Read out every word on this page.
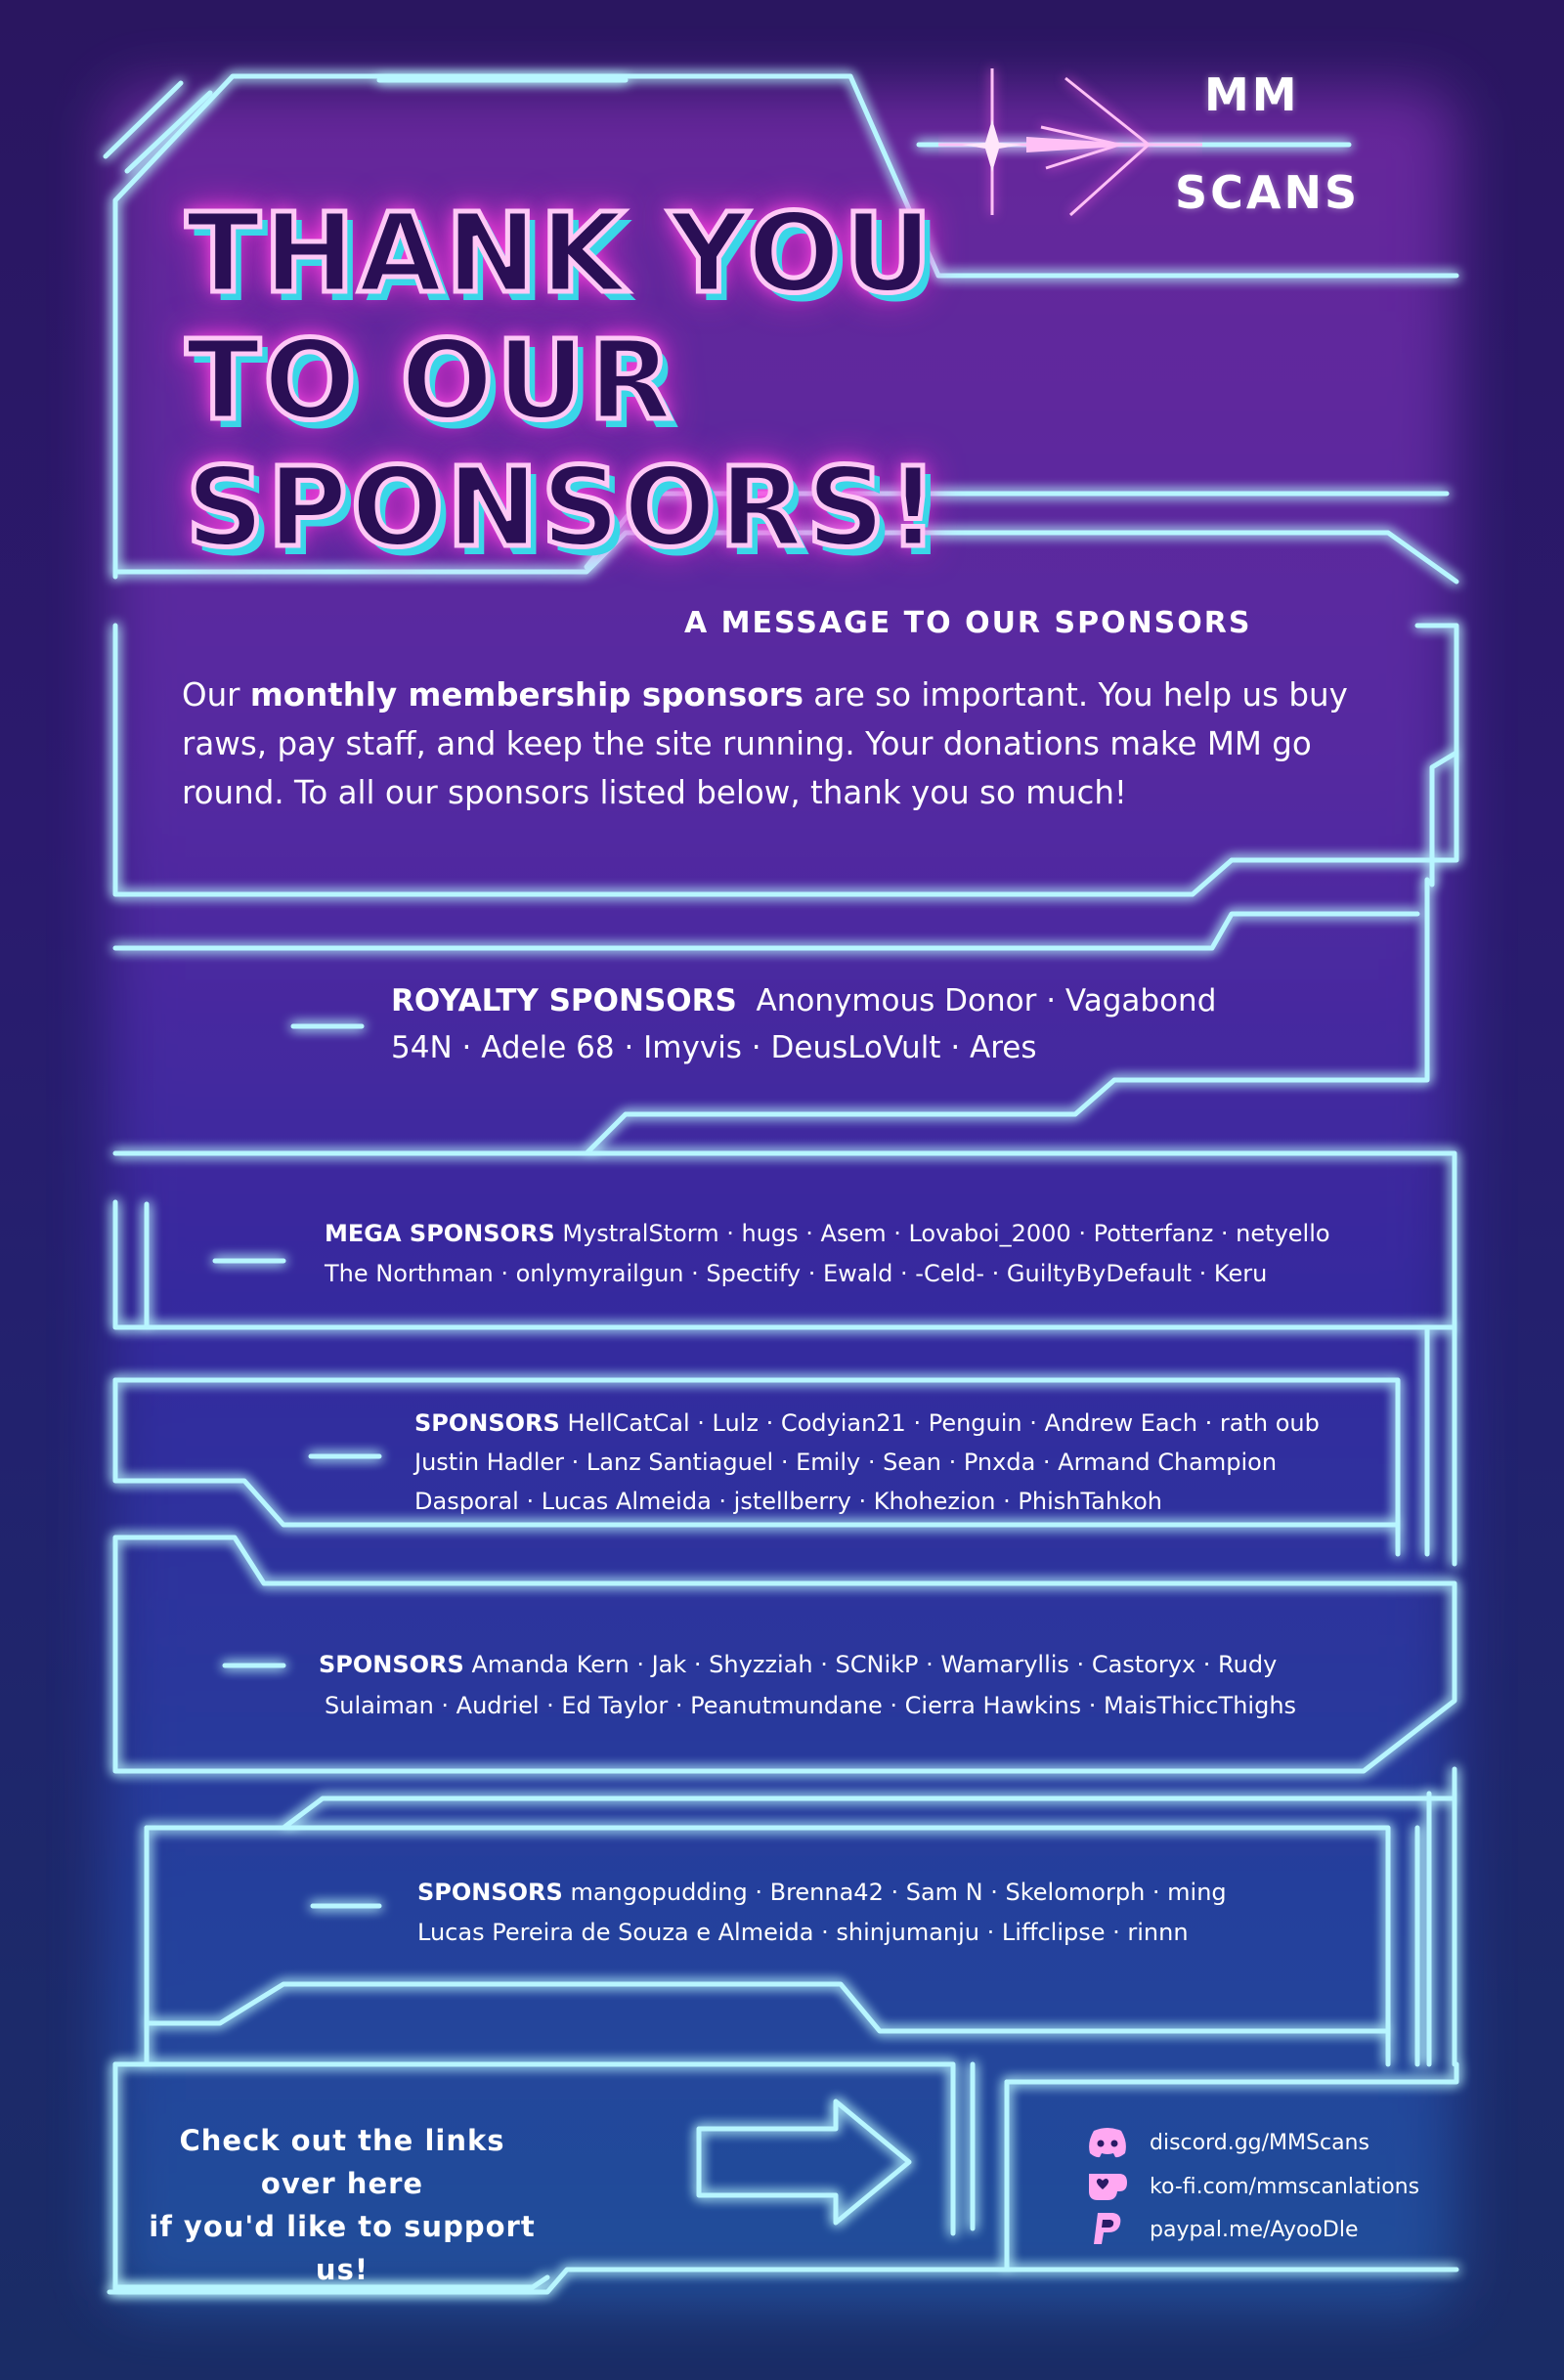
MM
SCANS
THANK YOU
TO OUR SPONSORS!
A MESSAGE TO OUR SPONSORS
Our monthly membership sponsors are so important. You help us buy raws, pay staff, and keep the site running. Your donations make MM go round. To all our sponsors listed below, thank you so much!
ROYALTY SPONSORS Anonymous Donor · Vagabond
54N · Adele 68 · Imyvis · DeusLoVult · Ares
MEGA SPONSORS MystralStorm · hugs · Asem · Lovaboi_2000 · Potterfanz · netyello
The Northman · onlymyrailgun · Spectify · Ewald · -Celd- · GuiltyByDefault · Keru
SPONSORS HellCatCal · Lulz · Codyian21 · Penguin · Andrew Each · rath oub
Justin Hadler · Lanz Santiaguel · Emily · Sean · Pnxda · Armand Champion
Dasporal · Lucas Almeida · jstellberry · Khohezion · PhishTahkoh
SPONSORS Amanda Kern · Jak · Shyzziah · SCNikP · Wamaryllis · Castoryx · Rudy
Sulaiman · Audriel · Ed Taylor · Peanutmundane · Cierra Hawkins · MaisThiccThighs
SPONSORS mangopudding · Brenna42 · Sam N · Skelomorph · ming
Lucas Pereira de Souza e Almeida · shinjumanju · Liffclipse · rinnn
Check out the links over here
if you'd like to support us!
discord.gg/MMScans
ko-fi.com/mmscanlations
paypal.me/AyooDle
